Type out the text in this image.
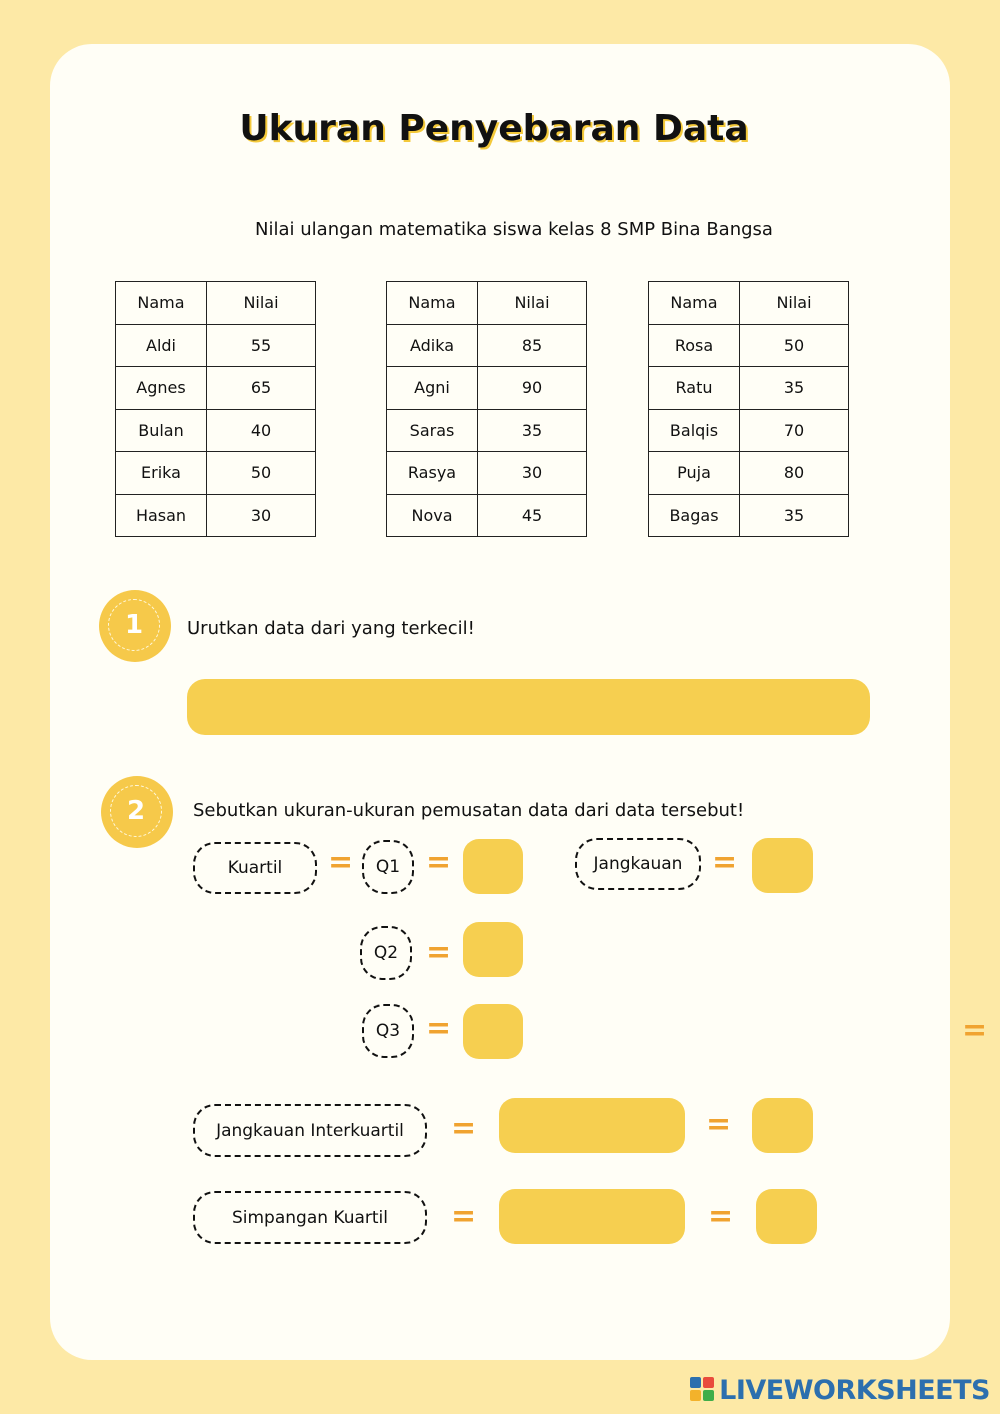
Ukuran Penyebaran Data
Nilai ulangan matematika siswa kelas 8 SMP Bina Bangsa
Nama	Nilai
Aldi	55
Agnes	65
Bulan	40
Erika	50
Hasan	30
Nama	Nilai
Adika	85
Agni	90
Saras	35
Rasya	30
Nova	45
Nama	Nilai
Rosa	50
Ratu	35
Balqis	70
Puja	80
Bagas	35
1	Urutkan data dari yang terkecil!
2	Sebutkan ukuran-ukuran pemusatan data dari data tersebut!
Kuartil	=	Q1 =	Jangkauan =
Q2 =
Q3 =	=
Jangkauan Interkuartil	=	=
Simpangan Kuartil	=	=
LIVEWORKSHEETS
